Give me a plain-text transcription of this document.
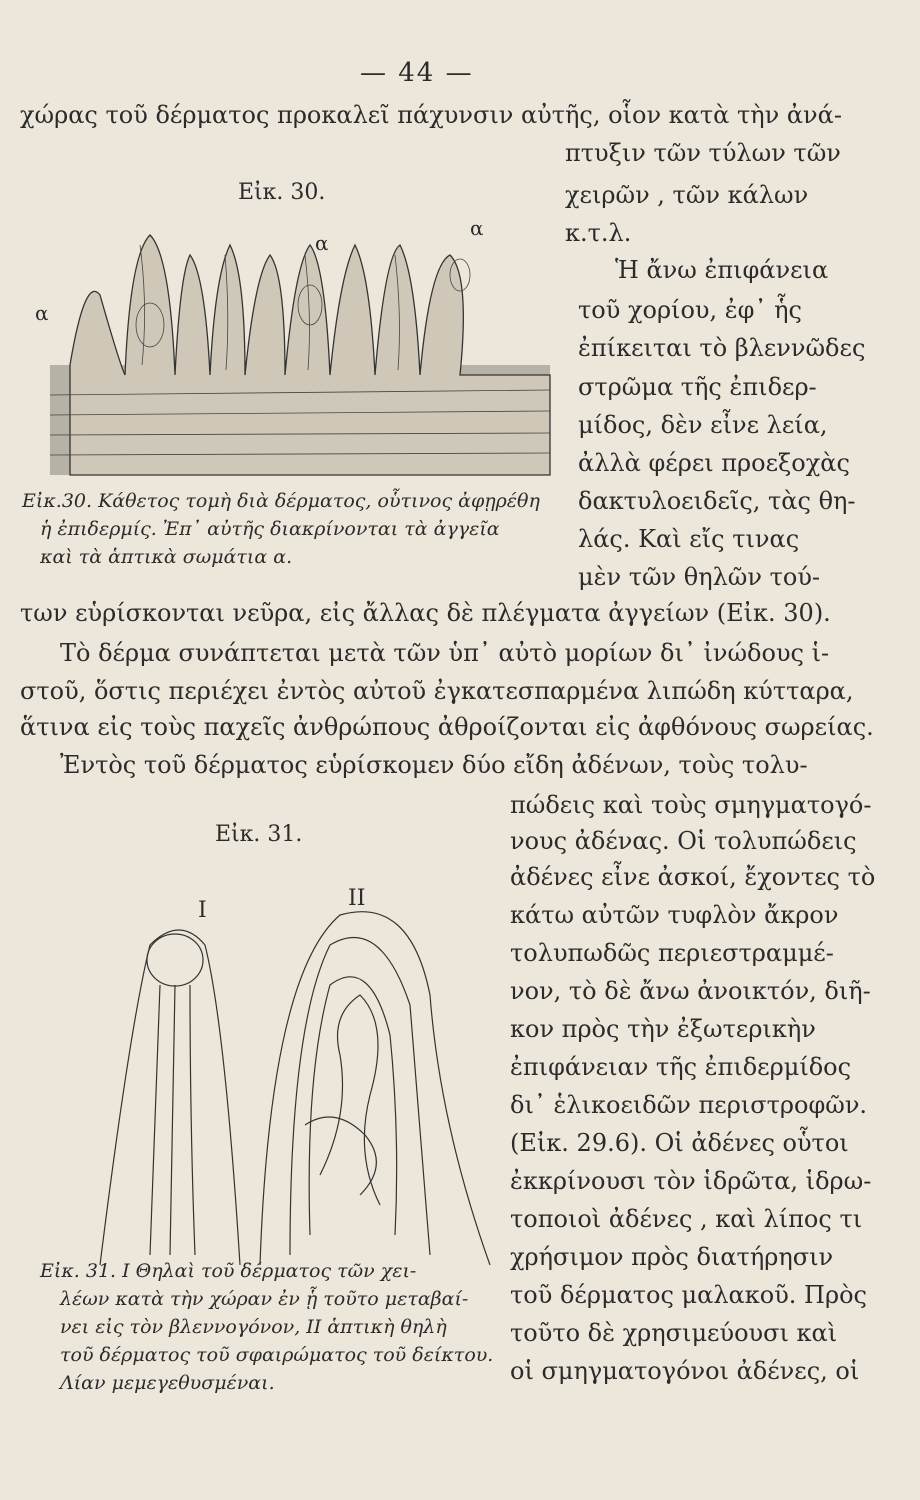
— 44 —
χώρας τοῦ δέρματος προκαλεῖ πάχυνσιν αὐτῆς, οἷον κατὰ τὴν ἀνά-
πτυξιν τῶν τύλων τῶν
χειρῶν , τῶν κάλων
κ.τ.λ.
Ἡ ἄνω ἐπιφάνεια
τοῦ χορίου, ἐφ᾽ ἧς
ἐπίκειται τὸ βλεννῶδες
στρῶμα τῆς ἐπιδερ-
μίδος, δὲν εἶνε λεία,
ἀλλὰ φέρει προεξοχὰς
δακτυλοειδεῖς, τὰς θη-
λάς. Καὶ εἴς τινας
μὲν τῶν θηλῶν τού-
Εἰκ. 30.
α
α
α
Εἰκ.30. Κάθετος τομὴ διὰ δέρματος, οὗτινος ἀφῃρέθη
ἡ ἐπιδερμίς. Ἐπ᾽ αὐτῆς διακρίνονται τὰ ἀγγεῖα
καὶ τὰ ἁπτικὰ σωμάτια α.
των εὑρίσκονται νεῦρα, εἰς ἄλλας δὲ πλέγματα ἀγγείων (Εἰκ. 30).
Τὸ δέρμα συνάπτεται μετὰ τῶν ὑπ᾽ αὐτὸ μορίων δι᾽ ἰνώδους ἱ-
στοῦ, ὅστις περιέχει ἐντὸς αὐτοῦ ἐγκατεσπαρμένα λιπώδη κύτταρα,
ἅτινα εἰς τοὺς παχεῖς ἀνθρώπους ἀθροίζονται εἰς ἀφθόνους σωρείας.
Ἐντὸς τοῦ δέρματος εὑρίσκομεν δύο εἴδη ἀδένων, τοὺς τολυ-
πώδεις καὶ τοὺς σμηγματογό-
νους ἀδένας. Οἱ τολυπώδεις
ἀδένες εἶνε ἀσκοί, ἔχοντες τὸ
κάτω αὐτῶν τυφλὸν ἄκρον
τολυπωδῶς περιεστραμμέ-
νον, τὸ δὲ ἄνω ἀνοικτόν, διῆ-
κον πρὸς τὴν ἐξωτερικὴν
ἐπιφάνειαν τῆς ἐπιδερμίδος
δι᾽ ἑλικοειδῶν περιστροφῶν.
(Εἰκ. 29.6). Οἱ ἀδένες οὗτοι
ἐκκρίνουσι τὸν ἱδρῶτα, ἱδρω-
τοποιοὶ ἀδένες , καὶ λίπος τι
χρήσιμον πρὸς διατήρησιν
τοῦ δέρματος μαλακοῦ. Πρὸς
τοῦτο δὲ χρησιμεύουσι καὶ
οἱ σμηγματογόνοι ἀδένες, οἱ
Εἰκ. 31.
I	II
Εἰκ. 31. I Θηλαὶ τοῦ δέρματος τῶν χει-
λέων κατὰ τὴν χώραν ἐν ᾗ τοῦτο μεταβαί-
νει εἰς τὸν βλεννογόνον, II ἁπτικὴ θηλὴ
τοῦ δέρματος τοῦ σφαιρώματος τοῦ δείκτου.
Λίαν μεμεγεθυσμέναι.
